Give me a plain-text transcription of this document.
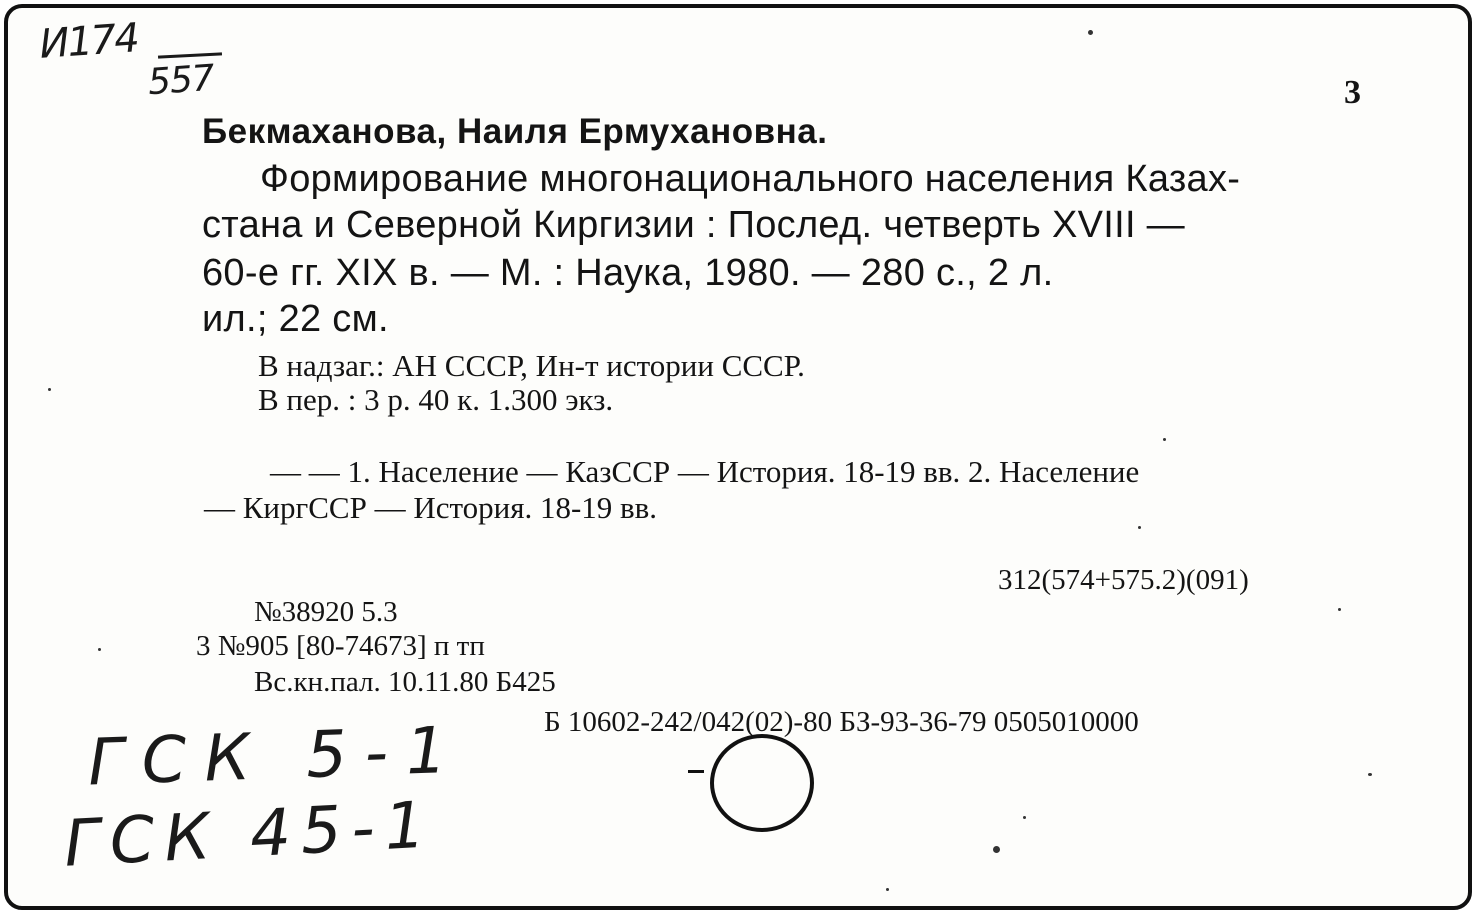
И174

557	3

Бекмаханова, Наиля Ермухановна.

Формирование многонационального населения Казах-

стана и Северной Киргизии : Послед. четверть XVIII —

60-е гг. XIX в. — М. : Наука, 1980. — 280 с., 2 л.

ил.; 22 см.

В надзаг.: АН СССР, Ин-т истории СССР.

В пер. : 3 р. 40 к. 1.300 экз.

— — 1. Население — КазССР — История. 18-19 вв. 2. Население

— КиргССР — История. 18-19 вв.

312(574+575.2)(091)

№38920 5.3

3 №905 [80-74673] п тп

Вс.кн.пал. 10.11.80 Б425

Б 10602-242/042(02)-80 БЗ-93-36-79 0505010000

ГСК 5-1

ГСК 45-1
